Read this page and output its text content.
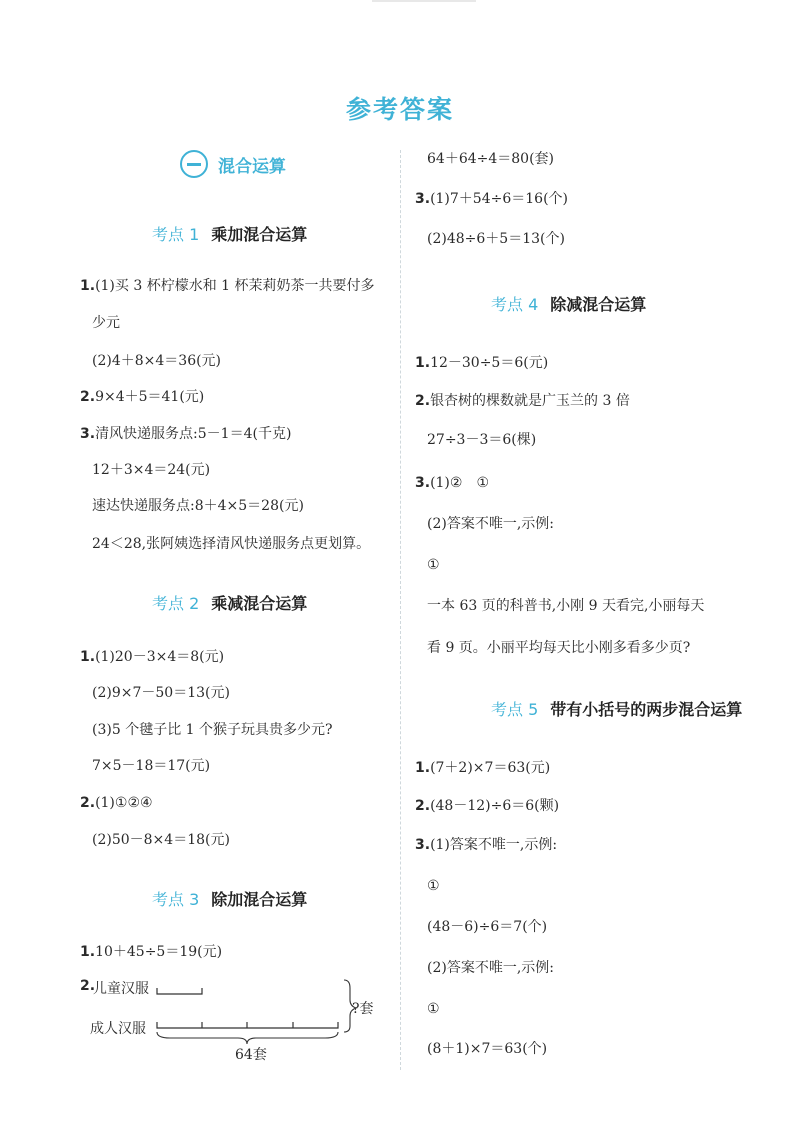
参考答案
混合运算
考点 1 乘加混合运算
1.(1)买 3 杯柠檬水和 1 杯茉莉奶茶一共要付多
少元
(2)4＋8×4＝36(元)
2.9×4＋5＝41(元)
3.清风快递服务点:5－1＝4(千克)
12＋3×4＝24(元)
速达快递服务点:8＋4×5＝28(元)
24＜28,张阿姨选择清风快递服务点更划算。
考点 2 乘减混合运算
1.(1)20－3×4＝8(元)
(2)9×7－50＝13(元)
(3)5 个毽子比 1 个猴子玩具贵多少元?
7×5－18＝17(元)
2.(1)①②④
(2)50－8×4＝18(元)
考点 3 除加混合运算
1.10＋45÷5＝19(元)
2.
儿童汉服
成人汉服
64套
?套
64＋64÷4＝80(套)
3.(1)7＋54÷6＝16(个)
(2)48÷6＋5＝13(个)
考点 4 除减混合运算
1.12－30÷5＝6(元)
2.银杏树的棵数就是广玉兰的 3 倍
27÷3－3＝6(棵)
3.(1)②　①
(2)答案不唯一,示例:
①
一本 63 页的科普书,小刚 9 天看完,小丽每天
看 9 页。小丽平均每天比小刚多看多少页?
考点 5 带有小括号的两步混合运算
1.(7＋2)×7＝63(元)
2.(48－12)÷6＝6(颗)
3.(1)答案不唯一,示例:
①
(48－6)÷6＝7(个)
(2)答案不唯一,示例:
①
(8＋1)×7＝63(个)
